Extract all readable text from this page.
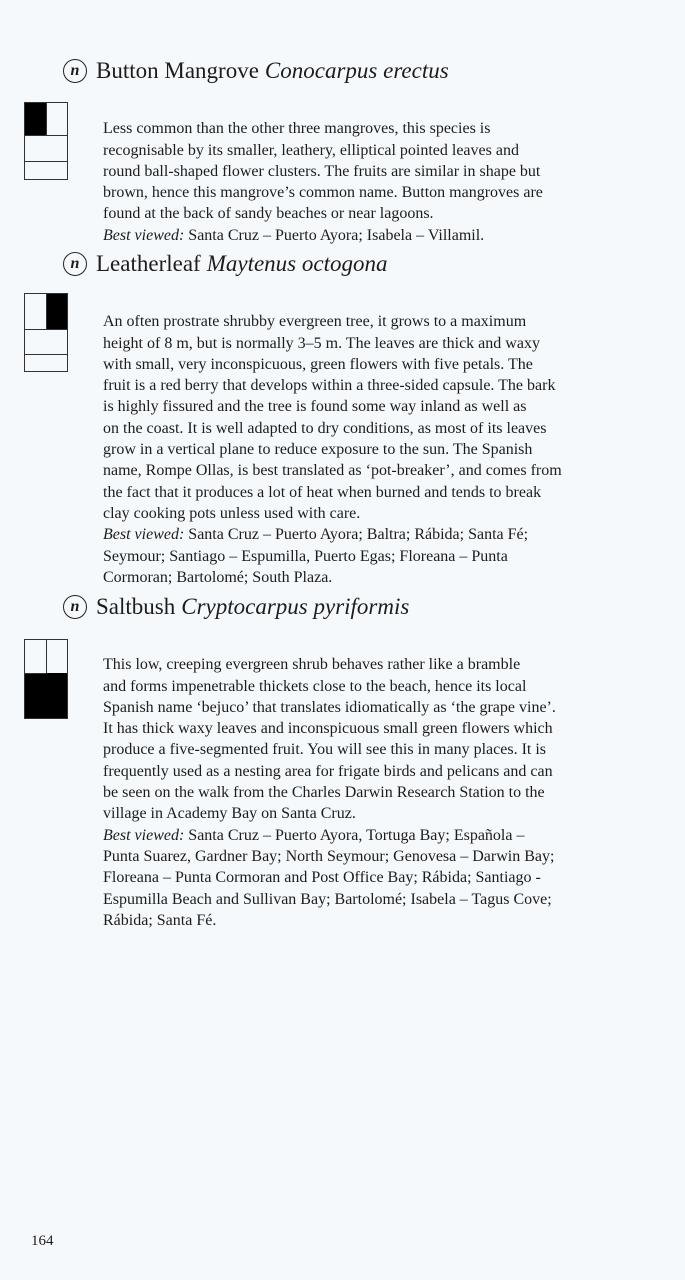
n Button Mangrove Conocarpus erectus

Less common than the other three mangroves, this species is
recognisable by its smaller, leathery, elliptical pointed leaves and
round ball-shaped flower clusters. The fruits are similar in shape but
brown, hence this mangrove’s common name. Button mangroves are
found at the back of sandy beaches or near lagoons.

Best viewed: Santa Cruz – Puerto Ayora; Isabela – Villamil.

n Leatherleaf Maytenus octogona

An often prostrate shrubby evergreen tree, it grows to a maximum
height of 8 m, but is normally 3–5 m. The leaves are thick and waxy
with small, very inconspicuous, green flowers with five petals. The
fruit is a red berry that develops within a three-sided capsule. The bark
is highly fissured and the tree is found some way inland as well as
on the coast. It is well adapted to dry conditions, as most of its leaves
grow in a vertical plane to reduce exposure to the sun. The Spanish
name, Rompe Ollas, is best translated as ‘pot-breaker’, and comes from
the fact that it produces a lot of heat when burned and tends to break
clay cooking pots unless used with care.

Best viewed: Santa Cruz – Puerto Ayora; Baltra; Rábida; Santa Fé;
Seymour; Santiago – Espumilla, Puerto Egas; Floreana – Punta
Cormoran; Bartolomé; South Plaza.

n Saltbush Cryptocarpus pyriformis

This low, creeping evergreen shrub behaves rather like a bramble
and forms impenetrable thickets close to the beach, hence its local
Spanish name ‘bejuco’ that translates idiomatically as ‘the grape vine’.
It has thick waxy leaves and inconspicuous small green flowers which
produce a five-segmented fruit. You will see this in many places. It is
frequently used as a nesting area for frigate birds and pelicans and can
be seen on the walk from the Charles Darwin Research Station to the
village in Academy Bay on Santa Cruz.

Best viewed: Santa Cruz – Puerto Ayora, Tortuga Bay; Española –
Punta Suarez, Gardner Bay; North Seymour; Genovesa – Darwin Bay;
Floreana – Punta Cormoran and Post Office Bay; Rábida; Santiago -
Espumilla Beach and Sullivan Bay; Bartolomé; Isabela – Tagus Cove;
Rábida; Santa Fé.

164
